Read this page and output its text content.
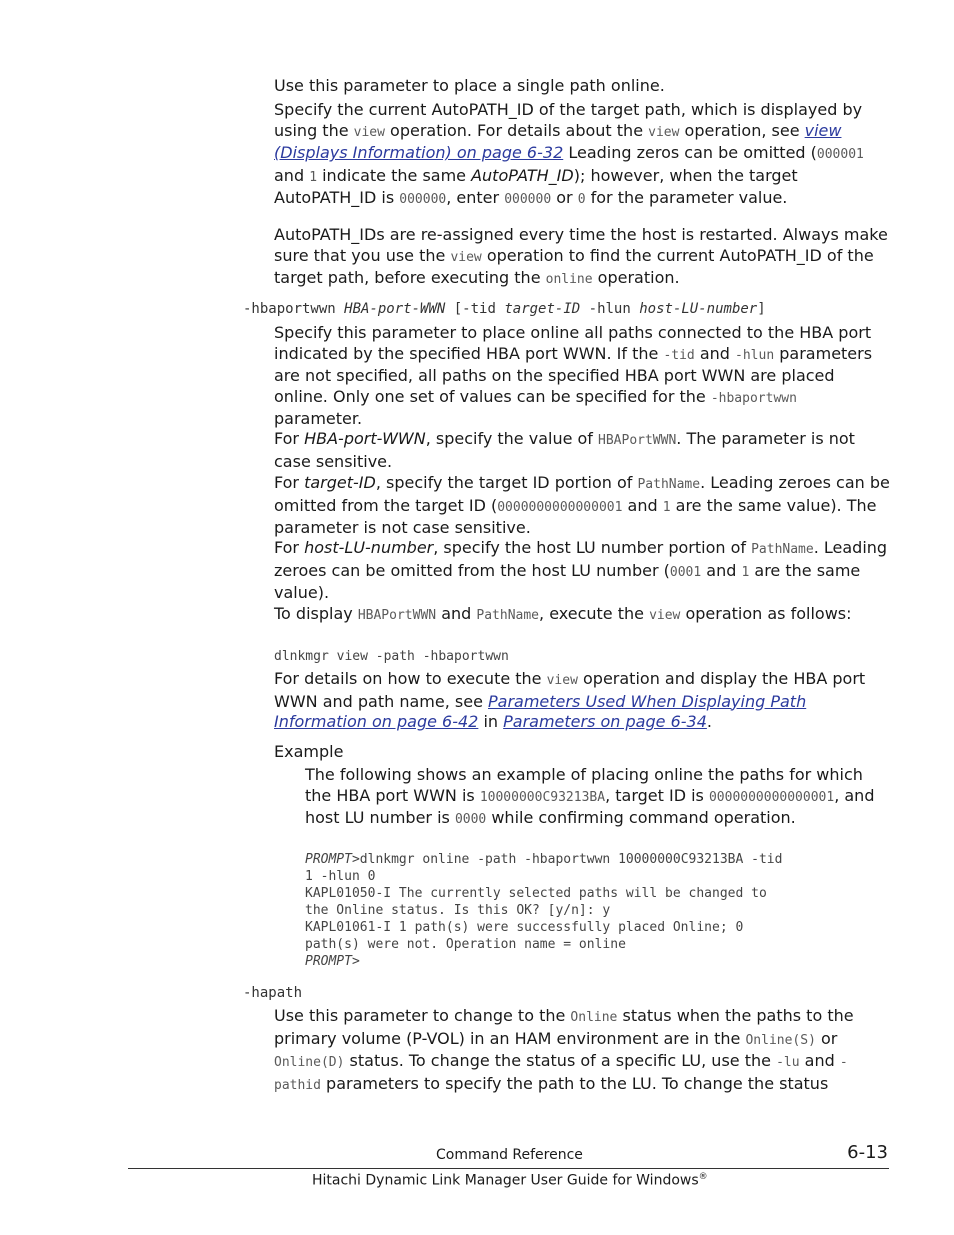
Use this parameter to place a single path online.

Specify the current AutoPATH_ID of the target path, which is displayed by using the view operation. For details about the view operation, see view (Displays Information) on page 6-32 Leading zeros can be omitted (000001 and 1 indicate the same AutoPATH_ID); however, when the target AutoPATH_ID is 000000, enter 000000 or 0 for the parameter value.

AutoPATH_IDs are re-assigned every time the host is restarted. Always make sure that you use the view operation to find the current AutoPATH_ID of the target path, before executing the online operation.

-hbaportwwn HBA-port-WWN [-tid target-ID -hlun host-LU-number]

Specify this parameter to place online all paths connected to the HBA port indicated by the specified HBA port WWN. If the -tid and -hlun parameters are not specified, all paths on the specified HBA port WWN are placed online. Only one set of values can be specified for the -hbaportwwn parameter.

For HBA-port-WWN, specify the value of HBAPortWWN. The parameter is not case sensitive.

For target-ID, specify the target ID portion of PathName. Leading zeroes can be omitted from the target ID (0000000000000001 and 1 are the same value). The parameter is not case sensitive.

For host-LU-number, specify the host LU number portion of PathName. Leading zeroes can be omitted from the host LU number (0001 and 1 are the same value).

To display HBAPortWWN and PathName, execute the view operation as follows:

dlnkmgr view -path -hbaportwwn

For details on how to execute the view operation and display the HBA port WWN and path name, see Parameters Used When Displaying Path Information on page 6-42 in Parameters on page 6-34.

Example

The following shows an example of placing online the paths for which the HBA port WWN is 10000000C93213BA, target ID is 0000000000000001, and host LU number is 0000 while confirming command operation.

PROMPT>dlnkmgr online -path -hbaportwwn 10000000C93213BA -tid
1 -hlun 0
KAPL01050-I The currently selected paths will be changed to
the Online status. Is this OK? [y/n]: y
KAPL01061-I 1 path(s) were successfully placed Online; 0
path(s) were not. Operation name = online
PROMPT>
-hapath

Use this parameter to change to the Online status when the paths to the primary volume (P-VOL) in an HAM environment are in the Online(S) or Online(D) status. To change the status of a specific LU, use the -lu and -pathid parameters to specify the path to the LU. To change the status

Command Reference	6-13
Hitachi Dynamic Link Manager User Guide for Windows®
